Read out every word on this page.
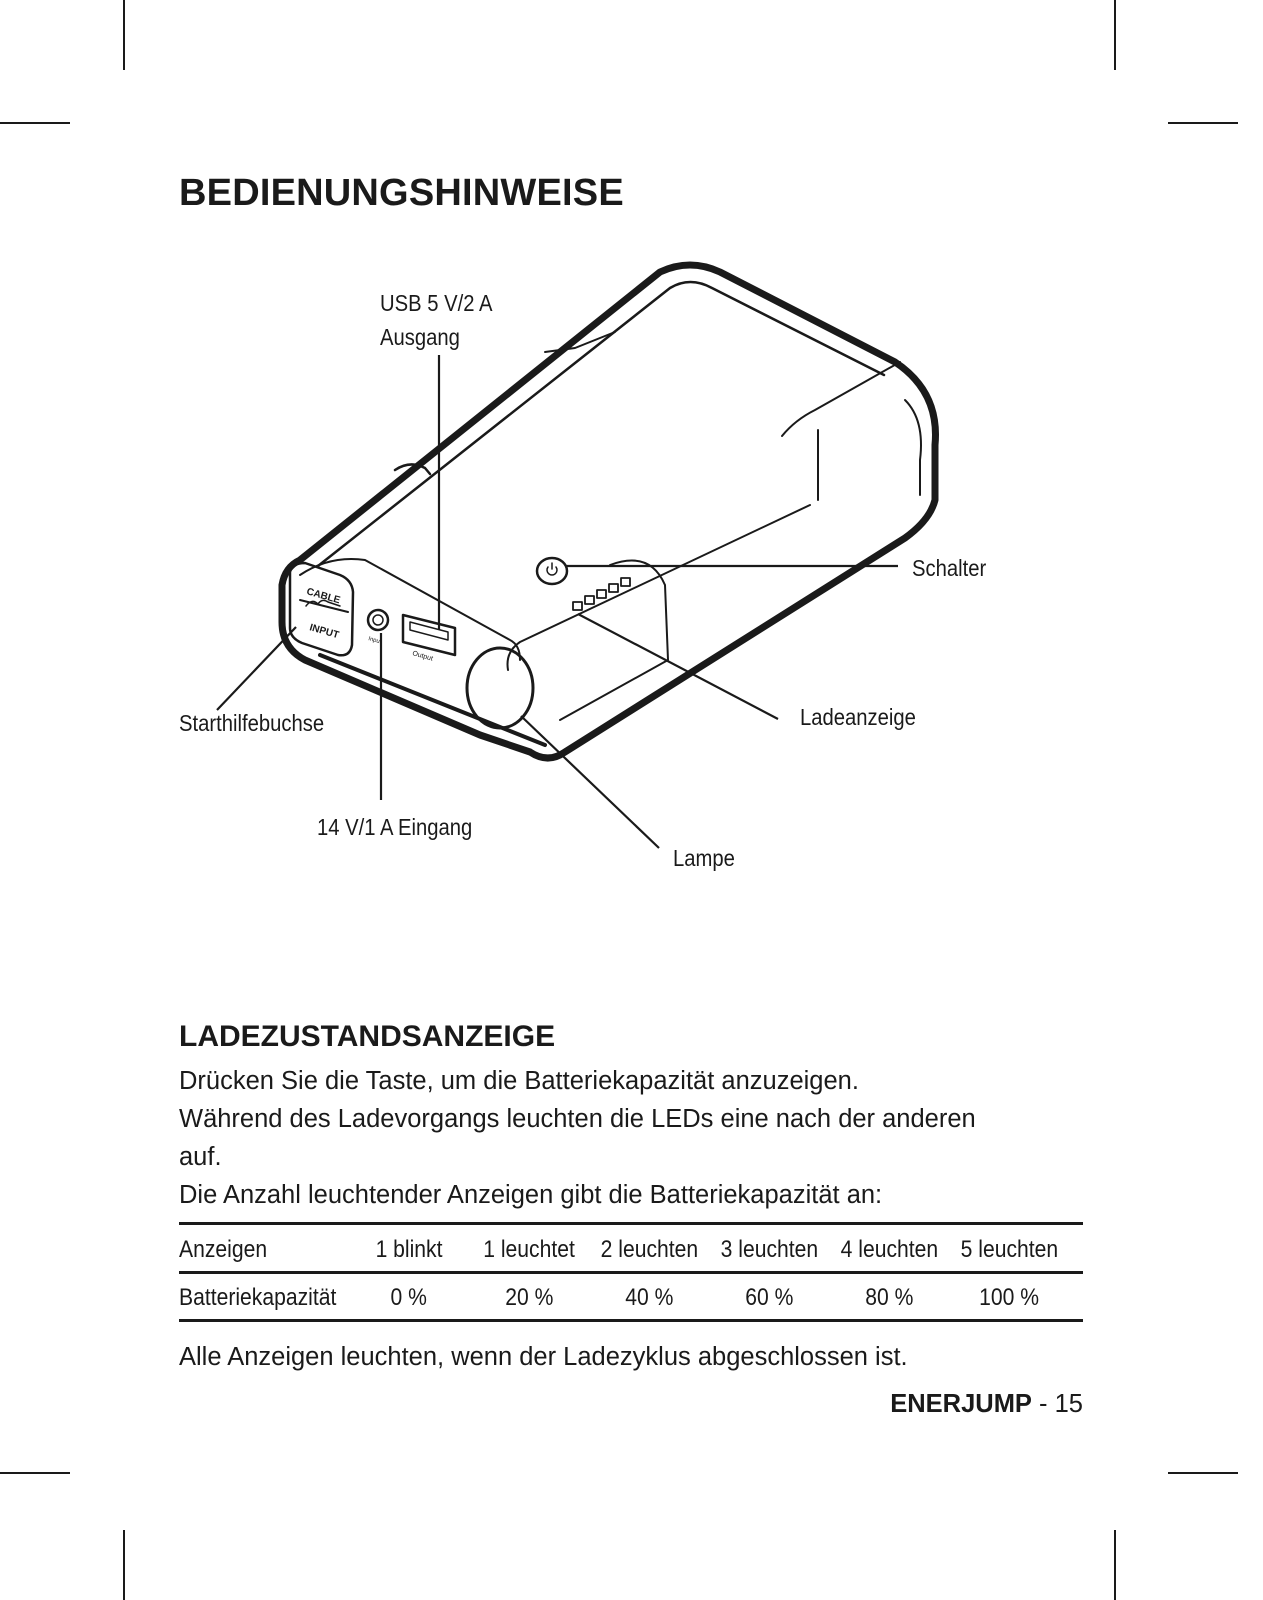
BEDIENUNGSHINWEISE
CABLE
INPUT	Input
Output
USB 5 V/2 A
Ausgang
Schalter
Ladeanzeige
Starthilfebuchse
14 V/1 A Eingang
Lampe
LADEZUSTANDSANZEIGE

Drücken Sie die Taste, um die Batteriekapazität anzuzeigen.

Während des Ladevorgangs leuchten die LEDs eine nach der anderen

auf.

Die Anzahl leuchtender Anzeigen gibt die Batteriekapazität an:

Anzeigen	1 blinkt	1 leuchtet	2 leuchten 3 leuchten 4 leuchten 5 leuchten
Batteriekapazität	0 %	20 %	40 %	60 %	80 %	100 %

Alle Anzeigen leuchten, wenn der Ladezyklus abgeschlossen ist.

ENERJUMP - 15
